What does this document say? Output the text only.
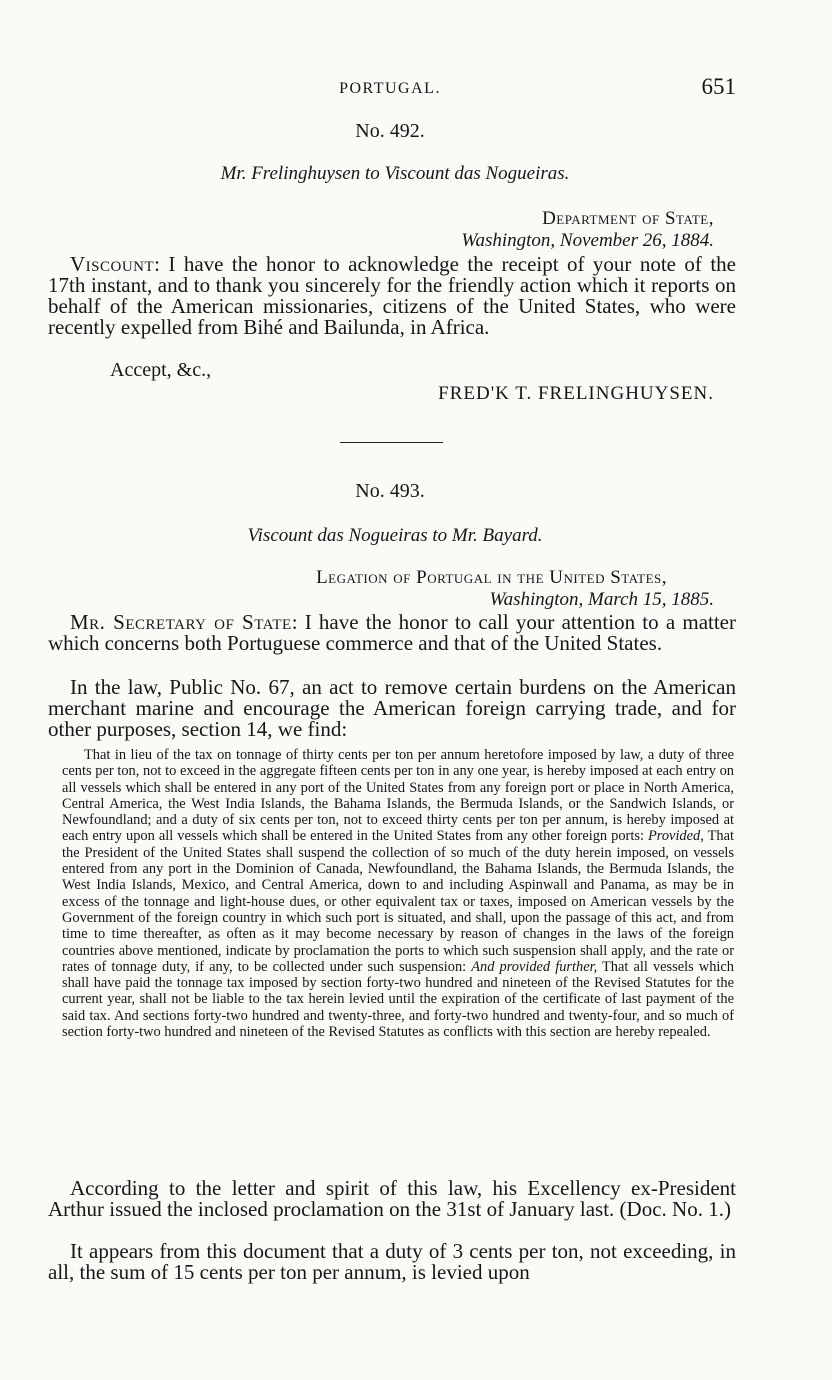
PORTUGAL.	651
No. 492.
Mr. Frelinghuysen to Viscount das Nogueiras.
Department of State,
Washington, November 26, 1884.
Viscount: I have the honor to acknowledge the receipt of your note of the 17th instant, and to thank you sincerely for the friendly action which it reports on behalf of the American missionaries, citizens of the United States, who were recently expelled from Bihé and Bailunda, in Africa.
Accept, &c.,
FRED'K T. FRELINGHUYSEN.
No. 493.
Viscount das Nogueiras to Mr. Bayard.
Legation of Portugal in the United States,
Washington, March 15, 1885.
Mr. Secretary of State: I have the honor to call your attention to a matter which concerns both Portuguese commerce and that of the United States.
In the law, Public No. 67, an act to remove certain burdens on the American merchant marine and encourage the American foreign carrying trade, and for other purposes, section 14, we find:
That in lieu of the tax on tonnage of thirty cents per ton per annum heretofore imposed by law, a duty of three cents per ton, not to exceed in the aggregate fifteen cents per ton in any one year, is hereby imposed at each entry on all vessels which shall be entered in any port of the United States from any foreign port or place in North America, Central America, the West India Islands, the Bahama Islands, the Bermuda Islands, or the Sandwich Islands, or Newfoundland; and a duty of six cents per ton, not to exceed thirty cents per ton per annum, is hereby imposed at each entry upon all vessels which shall be entered in the United States from any other foreign ports: Provided, That the President of the United States shall suspend the collection of so much of the duty herein imposed, on vessels entered from any port in the Dominion of Canada, Newfoundland, the Bahama Islands, the Bermuda Islands, the West India Islands, Mexico, and Central America, down to and including Aspinwall and Panama, as may be in excess of the tonnage and light-house dues, or other equivalent tax or taxes, imposed on American vessels by the Government of the foreign country in which such port is situated, and shall, upon the passage of this act, and from time to time thereafter, as often as it may become necessary by reason of changes in the laws of the foreign countries above mentioned, indicate by proclamation the ports to which such suspension shall apply, and the rate or rates of tonnage duty, if any, to be collected under such suspension: And provided further, That all vessels which shall have paid the tonnage tax imposed by section forty-two hundred and nineteen of the Revised Statutes for the current year, shall not be liable to the tax herein levied until the expiration of the certificate of last payment of the said tax. And sections forty-two hundred and twenty-three, and forty-two hundred and twenty-four, and so much of section forty-two hundred and nineteen of the Revised Statutes as conflicts with this section are hereby repealed.
According to the letter and spirit of this law, his Excellency ex-President Arthur issued the inclosed proclamation on the 31st of January last. (Doc. No. 1.)
It appears from this document that a duty of 3 cents per ton, not exceeding, in all, the sum of 15 cents per ton per annum, is levied upon
